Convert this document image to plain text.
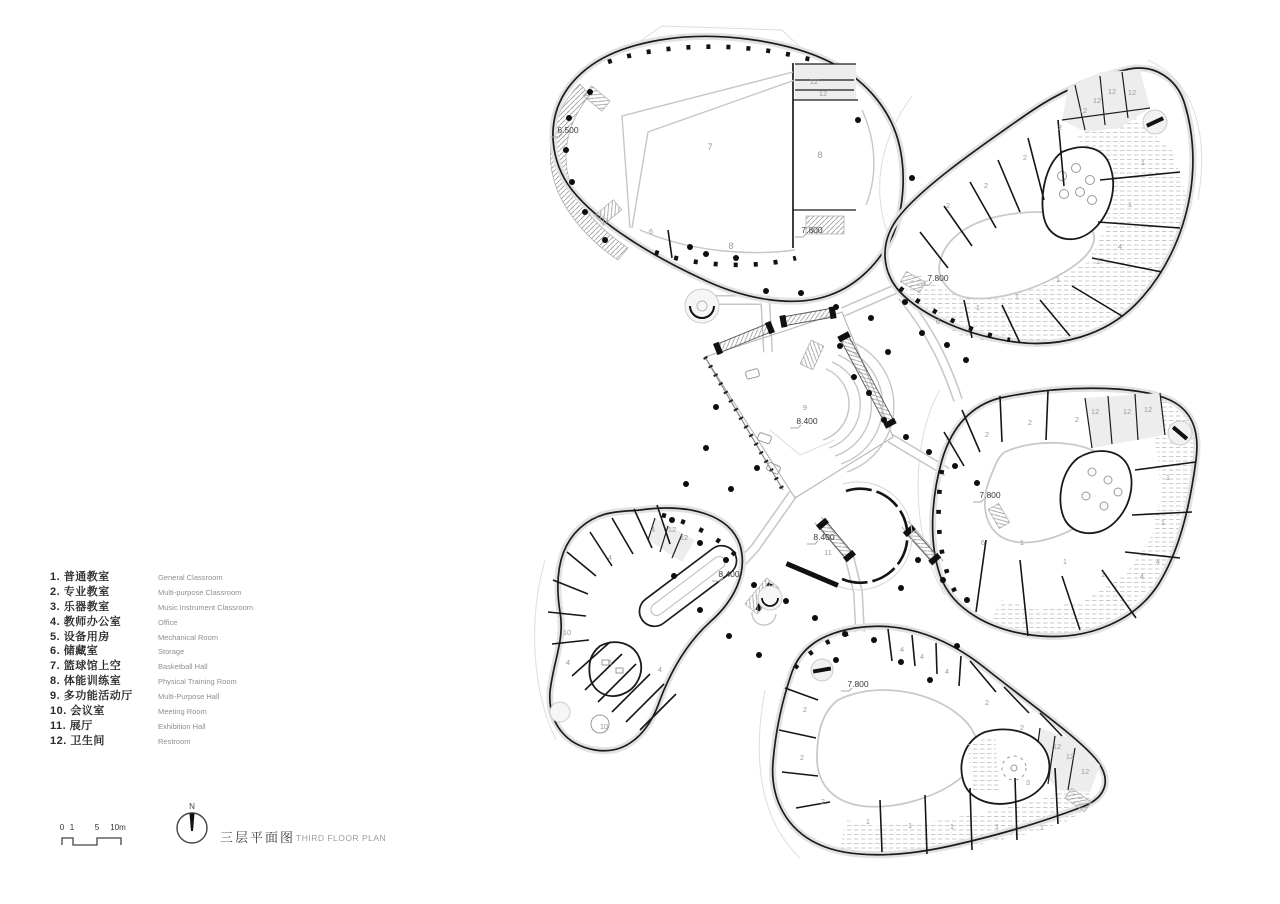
1. 普通教室	General Classroom
2. 专业教室	Multi-purpose Classroom
3. 乐器教室	Music Instrument Classroom
4. 教师办公室	Office
5. 设备用房	Mechanical Room
6. 储藏室	Storage
7. 篮球馆上空	Basketball Hall
8. 体能训练室	Physical Training Room
9. 多功能活动厅	Multi-Purpose Hall
10. 会议室	Meeting Room
11. 展厅	Exhibition Hall
12. 卫生间	Restroom
7
8
8
6
12
12
12
12
12 12
2
2
2
2
1
1
4
1
1
1
1
6
2
2	2
12	12 12
1
1
4
4
1
1
1
6
4 12
12
4
10
4	5
4
10
2
2
2
4
4
4
2
2
12
12
12
3
1	1	1	1	1
9
11
6.500
7.800
7.800
7.800
7.800
8.400
8.400
8.400
0 1	5 10m
N
三层平面图 THIRD FLOOR PLAN
